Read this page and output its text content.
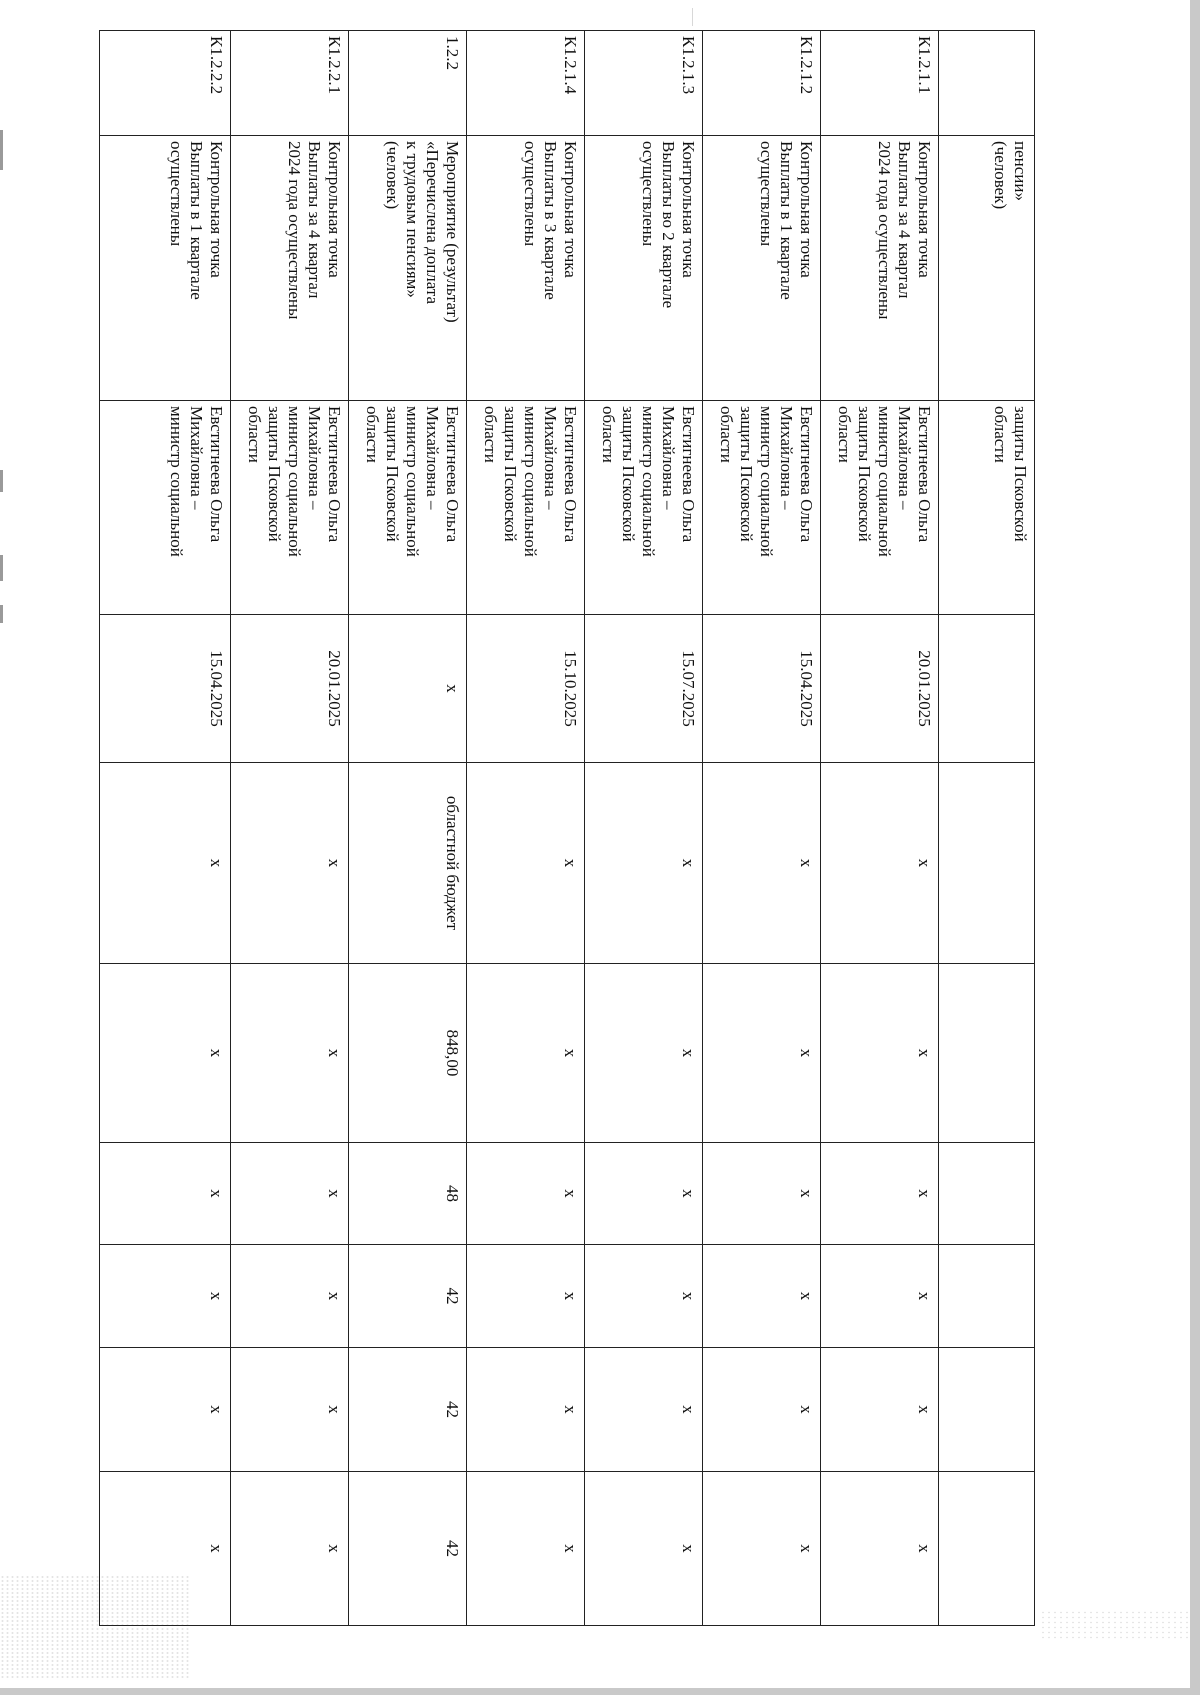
	пенсии»
(человек)	защиты Псковской
области							
К1.2.1.1	Контрольная точка
Выплаты за 4 квартал
2024 года осуществлены	Евстигнеева Ольга
Михайловна –
министр социальной
защиты Псковской
области	20.01.2025	х	х	х	х	х	х
К1.2.1.2	Контрольная точка
Выплаты в 1 квартале
осуществлены	Евстигнеева Ольга
Михайловна –
министр социальной
защиты Псковской
области	15.04.2025	х	х	х	х	х	х
К1.2.1.3	Контрольная точка
Выплаты во 2 квартале
осуществлены	Евстигнеева Ольга
Михайловна –
министр социальной
защиты Псковской
области	15.07.2025	х	х	х	х	х	х
К1.2.1.4	Контрольная точка
Выплаты в 3 квартале
осуществлены	Евстигнеева Ольга
Михайловна –
министр социальной
защиты Псковской
области	15.10.2025	х	х	х	х	х	х
1.2.2	Мероприятие (результат)
«Перечислена доплата
к трудовым пенсиям»
(человек)	Евстигнеева Ольга
Михайловна –
министр социальной
защиты Псковской
области	х	областной бюджет	848,00	48	42	42	42
К1.2.2.1	Контрольная точка
Выплаты за 4 квартал
2024 года осуществлены	Евстигнеева Ольга
Михайловна –
министр социальной
защиты Псковской
области	20.01.2025	х	х	х	х	х	х
К1.2.2.2	Контрольная точка
Выплаты в 1 квартале
осуществлены	Евстигнеева Ольга
Михайловна –
министр социальной	15.04.2025	х	х	х	х	х	х
